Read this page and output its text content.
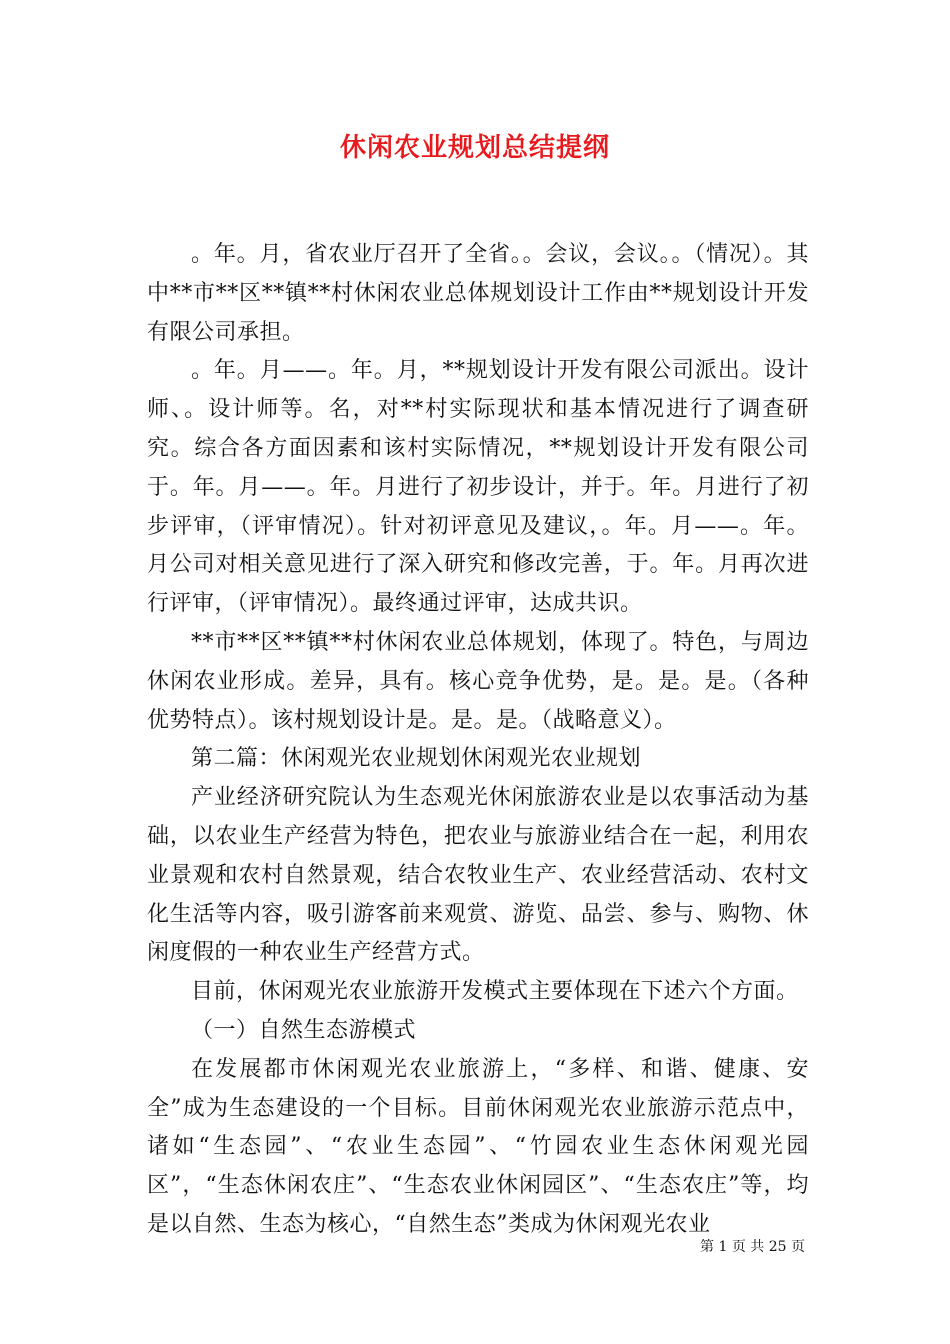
休闲农业规划总结提纲

。年。月，省农业厅召开了全省。。会议，会议。。（情况）。其中**市**区**镇**村休闲农业总体规划设计工作由**规划设计开发有限公司承担。

。年。月——。年。月，**规划设计开发有限公司派出。设计师、。设计师等。名，对**村实际现状和基本情况进行了调查研究。综合各方面因素和该村实际情况，**规划设计开发有限公司于。年。月——。年。月进行了初步设计，并于。年。月进行了初步评审，（评审情况）。针对初评意见及建议，。年。月——。年。月公司对相关意见进行了深入研究和修改完善，于。年。月再次进行评审，（评审情况）。最终通过评审，达成共识。

**市**区**镇**村休闲农业总体规划，体现了。特色，与周边休闲农业形成。差异，具有。核心竞争优势，是。是。是。（各种优势特点）。该村规划设计是。是。是。（战略意义）。

第二篇：休闲观光农业规划休闲观光农业规划

产业经济研究院认为生态观光休闲旅游农业是以农事活动为基础，以农业生产经营为特色，把农业与旅游业结合在一起，利用农业景观和农村自然景观，结合农牧业生产、农业经营活动、农村文化生活等内容，吸引游客前来观赏、游览、品尝、参与、购物、休闲度假的一种农业生产经营方式。

目前，休闲观光农业旅游开发模式主要体现在下述六个方面。

（一）自然生态游模式

在发展都市休闲观光农业旅游上，“多样、和谐、健康、安全”成为生态建设的一个目标。目前休闲观光农业旅游示范点中，诸如“生态园”、“农业生态园”、“竹园农业生态休闲观光园区”，“生态休闲农庄”、“生态农业休闲园区”、“生态农庄”等，均是以自然、生态为核心，“自然生态”类成为休闲观光农业

第 1 页 共 25 页
